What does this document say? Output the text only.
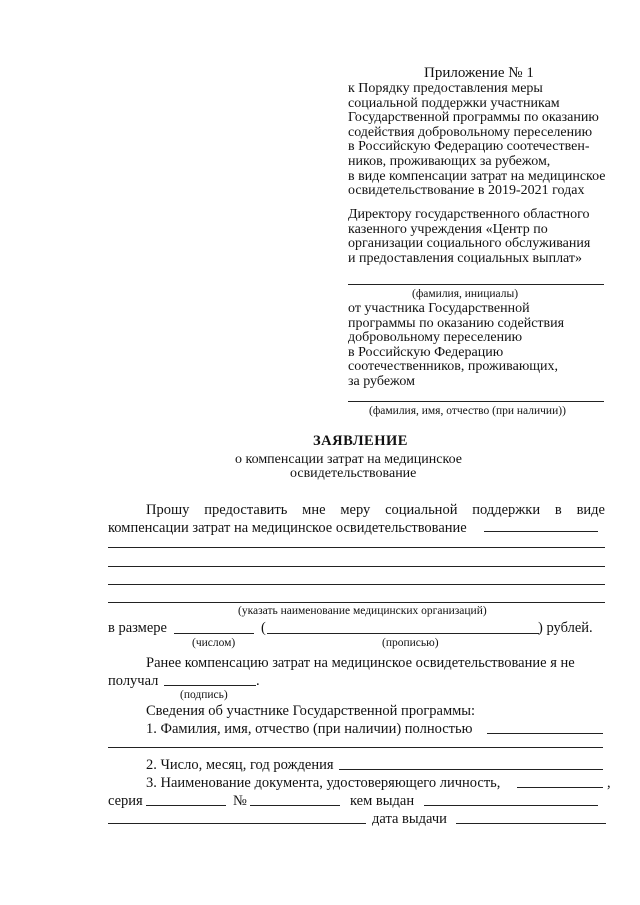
Приложение № 1
к Порядку предоставления меры
социальной поддержки участникам
Государственной программы по оказанию
содействия добровольному переселению
в Российскую Федерацию соотечествен-
ников, проживающих за рубежом,
в виде компенсации затрат на медицинское
освидетельствование в 2019-2021 годах
Директору государственного областного
казенного учреждения «Центр по
организации социального обслуживания
и предоставления социальных выплат»
(фамилия, инициалы)
от участника Государственной
программы по оказанию содействия
добровольному переселению
в Российскую Федерацию
соотечественников, проживающих,
за рубежом
(фамилия, имя, отчество (при наличии))
ЗАЯВЛЕНИЕ
о компенсации затрат на медицинское
освидетельствование
Прошу предоставить мне меру социальной поддержки в виде
компенсации затрат на медицинское освидетельствование
(указать наименование медицинских организаций)
в размере	(	) рублей.
(числом)	(прописью)
Ранее компенсацию затрат на медицинское освидетельствование я не
получал	.
(подпись)
Сведения об участнике Государственной программы:
1. Фамилия, имя, отчество (при наличии) полностью
2. Число, месяц, год рождения
3. Наименование документа, удостоверяющего личность,	,
серия	№	кем выдан
дата выдачи
